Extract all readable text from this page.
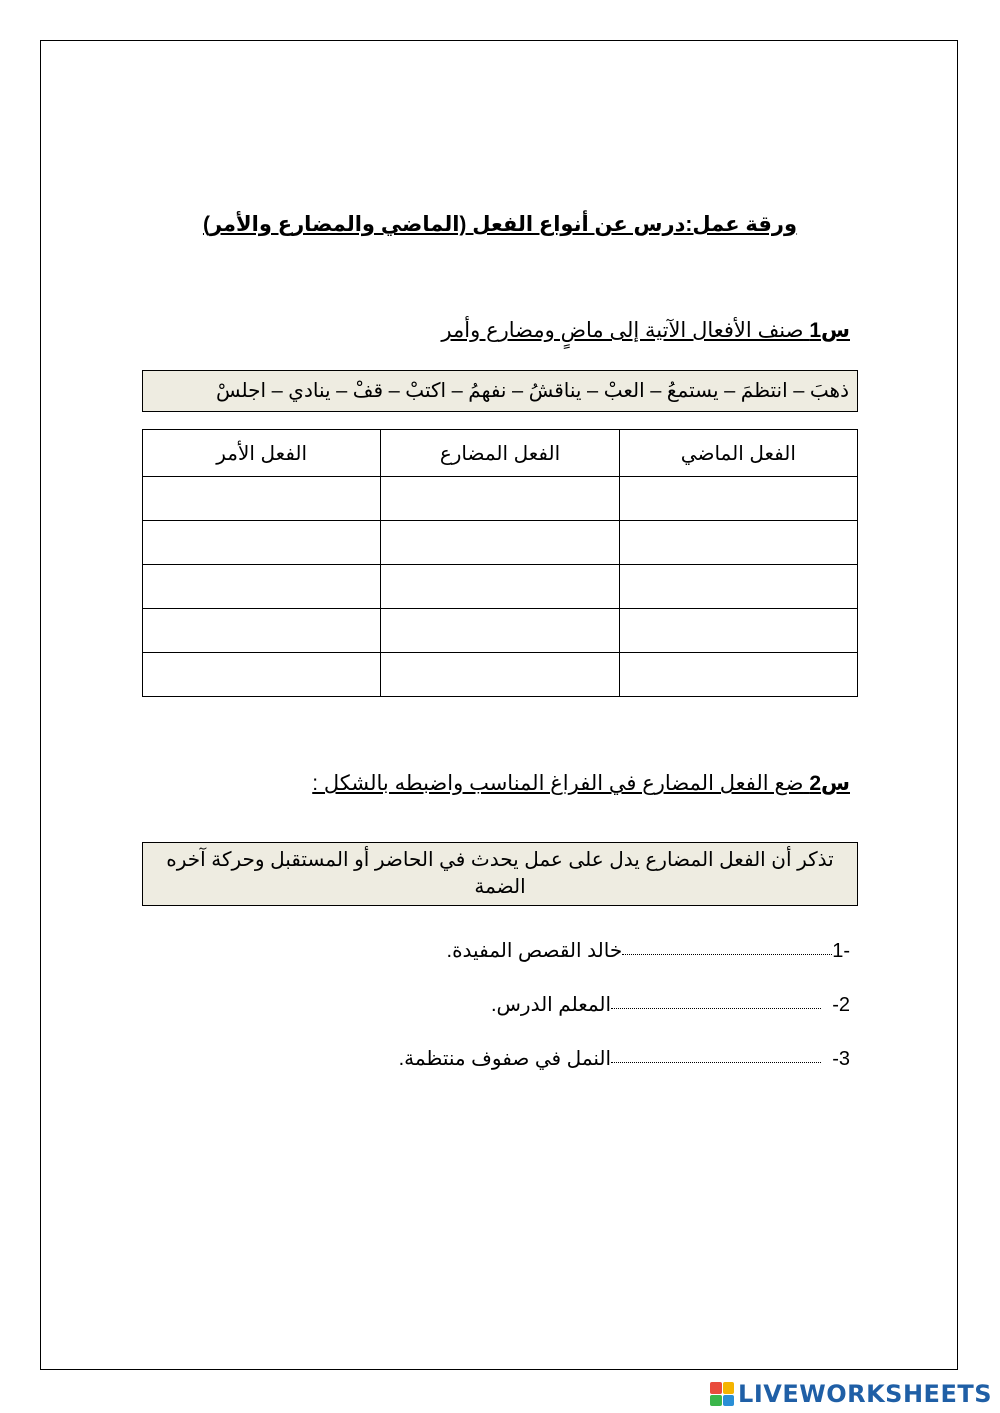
ورقة عمل:درس عن أنواع الفعل (الماضي والمضارع والأمر)
س1 صنف الأفعال الآتية إلى ماضٍ ومضارع وأمر
ذهبَ – انتظمَ – يستمعُ – العبْ – يناقشُ – نفهمُ – اكتبْ – قفْ – ينادي – اجلسْ
الفعل الماضي	الفعل المضارع	الفعل الأمر

س2 ضع الفعل المضارع في الفراغ المناسب واضبطه بالشكل :
تذكر أن الفعل المضارع يدل على عمل يحدث في الحاضر أو المستقبل وحركة آخره الضمة
-1خالد القصص المفيدة.
2-  المعلم الدرس.
3-  النمل في صفوف منتظمة.
LIVEWORKSHEETS
